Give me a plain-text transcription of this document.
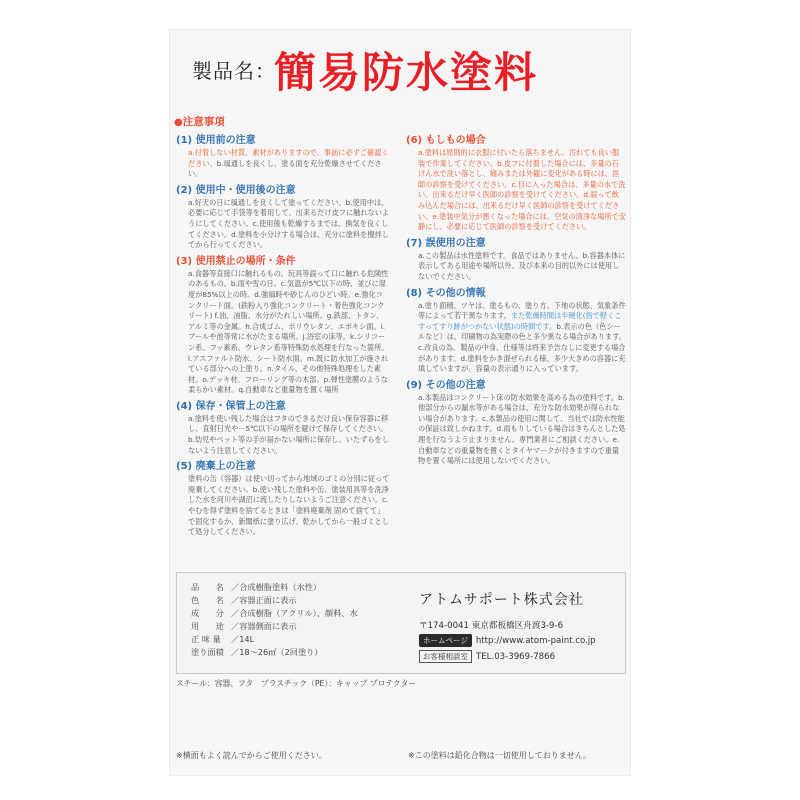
製品名：
簡易防水塗料
●注意事項
(1) 使用前の注意
a.付着しない材質、素材がありますので、事前に必ずご確認ください。b.風通しを良くし、塗る面を充分乾燥させてください。
(2) 使用中・使用後の注意
a.好天の日に風通しを良くして塗ってください。b.使用中は、必要に応じて手袋等を着用して、出来るだけ皮フに触れないようにしてください。c.使用後も乾燥するまでは、換気を良くしてください。d.塗料を小分けする場合は、充分に塗料を攪拌してから行ってください。
(3) 使用禁止の場所・条件
a.食器等直接口に触れるもの、玩具等誤って口に触れる危険性のあるもの。b.雨や雪の日。c.気温が5℃以下の時、並びに湿度が85%以上の時。d.強風時や砂じんのひどい時。e.強化コンクリート面。(鉄粉入り強化コンクリート・着色強化コンクリート) f.油、油脂、水分がたれしい場所。g.鉄部、トタン、アルミ等の金属。h.合成ゴム、ポリウレタン、エポキシ面。i.プールや池等常に水がたまる場所。j.浴室の床等。k.シリコーン系、フッ素系、ウレタン系等特殊防水処理を行なった箇所。l.アスファルト防水、シート防水面。m.既に防水加工が施されている部分への上塗り。n.タイル、その他特殊処理をした素材。o.デッキ材、フローリング等の木部。p.弾性塗膜のような柔らかい素材。q.自動車など重量物を置く場所
(4) 保存・保管上の注意
a.塗料を使い残した場合はフタのできるだけ良い保存容器に移し、直射日光や－5℃以下の場所を避けて保存してください。b.幼児やペット等の手が届かない場所に保存し、いたずらをしないよう注意してください。
(5) 廃棄上の注意
塗料の缶（容器）は使い切ってから地域のゴミの分別に従って廃棄してください。b.使い残した塗料や缶、塗装用具等を洗浄した水を河川や湖沼に流したりしないようご注意ください。c.やむを得ず塗料を捨てるときは「塗料廃棄剤 固めて捨てて」で固化するか、新聞紙に塗り広げ、乾かしてから一般ゴミとして処分してください。
(6) もしもの場合
a.塗料は原則的に衣服に付いたら落ちません。汚れても良い服装で作業してください。b.皮フに付着した場合には、多量の石けん水で洗い落とし、痛みまたは外観に変化がある時には、医師の診察を受けてください。c.目に入った場合は、多量の水で洗い、出来るだけ早く医師の診察を受けてください。d.誤って飲み込んだ場合には、出来るだけ早く医師の診察を受けてください。e.塗装中気分が悪くなった場合には、空気の清浄な場所で安静にし、必要に応じて医師の診察を受けてください。
(7) 誤使用の注意
a.この製品は水性塗料です。食品ではありません。b.容器本体に表示してある用途や場所以外、及び本来の目的以外には使用しないでください。
(8) その他の情報
a.塗り面積、ツヤは、塗るもの、塗り方、下地の状態、気象条件等によって若干異なります。また乾燥時間は半硬化(指で軽くこすってすり跡がつかない状態)の時間です。b.表示の色（色シールなど）は、印刷物の為実際の色と多少異なる場合があります。c.改良の為、製品の中身、仕様等は将来予告なしに変更する場合があります。d.塗料をかき混ぜられる様、多少大きめの容器に充填していますが、容量の表示通りに入っています。
(9) その他の注意
a.本製品はコンクリート床の防水効果を高める為の塗料です。b.他部分からの漏水等がある場合は、充分な防水効果が得られない場合があります。c.本製品の使用に関して、当社では防水性能の保証は致しかねます。d.雨もりしている場合はきちんとした処理を行なうよう止まりません。専門業者にご相談ください。e.自動車などの重量物を置くとタイヤマークが付きますので重量物を置く場所には使用しないでください。
品　　名 ／合成樹脂塗料（水性）
色　　名 ／容器正面に表示
成　　分 ／合成樹脂（アクリル）、顔料、水
用　　途 ／容器側面に表示
正 味 量 ／14L
塗り面積 ／18～26㎡（2回塗り）
アトムサポート株式会社
〒174-0041 東京都板橋区舟渡3-9-6
ホームページ http://www.atom-paint.co.jp
お客様相談室 TEL.03-3969-7866
スチール：容器、フタ　プラスチック（PE）：キャップ プロテクター
※横面もよく読んでからご使用ください。	※この塗料は鉛化合物は一切使用しておりません。
